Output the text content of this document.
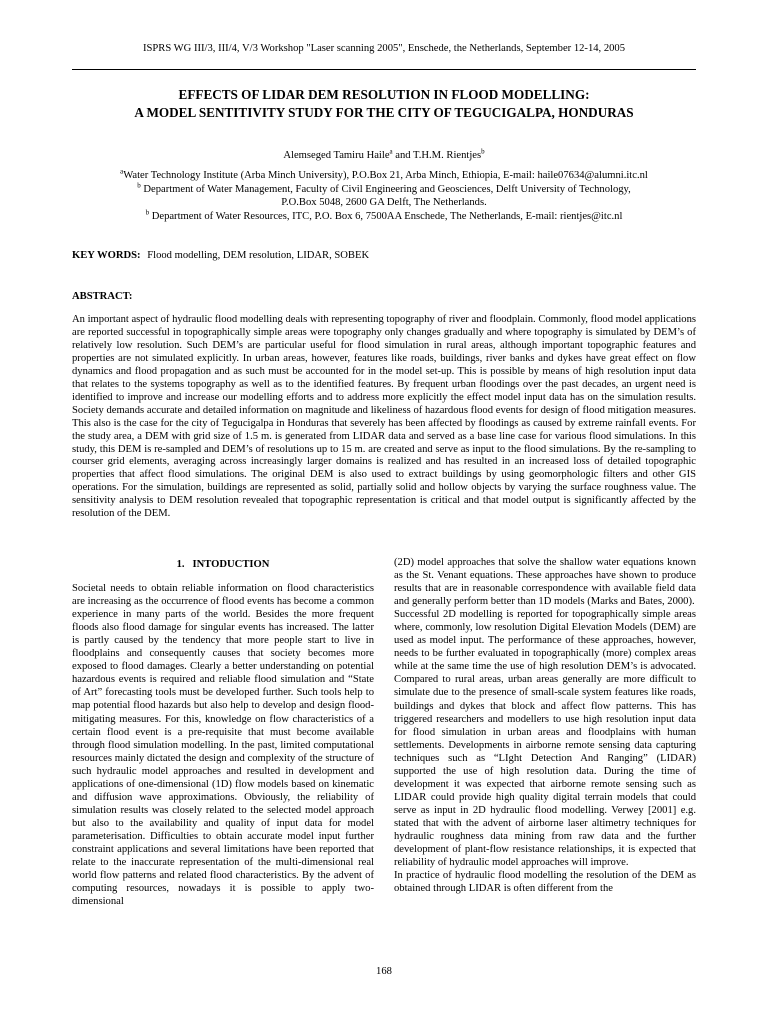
ISPRS WG III/3, III/4, V/3 Workshop "Laser scanning 2005", Enschede, the Netherlands, September 12-14, 2005
EFFECTS OF LIDAR DEM RESOLUTION IN FLOOD MODELLING:
A MODEL SENTITIVITY STUDY FOR THE CITY OF TEGUCIGALPA, HONDURAS
Alemseged Tamiru Haile$^a$ and T.H.M. Rientjes$^b$
$^a$Water Technology Institute (Arba Minch University), P.O.Box 21, Arba Minch, Ethiopia, E-mail: haile07634@alumni.itc.nl
$^b$ Department of Water Management, Faculty of Civil Engineering and Geosciences, Delft University of Technology,
P.O.Box 5048, 2600 GA Delft, The Netherlands.
$^b$ Department of Water Resources, ITC, P.O. Box 6, 7500AA Enschede, The Netherlands, E-mail: rientjes@itc.nl
KEY WORDS: Flood modelling, DEM resolution, LIDAR, SOBEK
ABSTRACT:
An important aspect of hydraulic flood modelling deals with representing topography of river and floodplain. Commonly, flood model applications are reported successful in topographically simple areas were topography only changes gradually and where topography is simulated by DEM’s of relatively low resolution. Such DEM’s are particular useful for flood simulation in rural areas, although important topographic features and properties are not simulated explicitly. In urban areas, however, features like roads, buildings, river banks and dykes have great effect on flow dynamics and flood propagation and as such must be accounted for in the model set-up. This is possible by means of high resolution input data that relates to the systems topography as well as to the identified features. By frequent urban floodings over the past decades, an urgent need is identified to improve and increase our modelling efforts and to address more explicitly the effect model input data has on the simulation results. Society demands accurate and detailed information on magnitude and likeliness of hazardous flood events for design of flood mitigation measures. This also is the case for the city of Tegucigalpa in Honduras that severely has been affected by floodings as caused by extreme rainfall events. For the study area, a DEM with grid size of 1.5 m. is generated from LIDAR data and served as a base line case for various flood simulations. In this study, this DEM is re-sampled and DEM’s of resolutions up to 15 m. are created and serve as input to the flood simulations. By the re-sampling to courser grid elements, averaging across increasingly larger domains is realized and has resulted in an increased loss of detailed topographic properties that affect flood simulations. The original DEM is also used to extract buildings by using geomorphologic filters and other GIS operations. For the simulation, buildings are represented as solid, partially solid and hollow objects by varying the surface roughness value. The sensitivity analysis to DEM resolution revealed that topographic representation is critical and that model output is significantly affected by the resolution of the DEM.
1.   INTODUCTION

Societal needs to obtain reliable information on flood characteristics are increasing as the occurrence of flood events has become a common experience in many parts of the world. Besides the more frequent floods also flood damage for singular events has increased. The latter is partly caused by the tendency that more people start to live in floodplains and consequently causes that society becomes more exposed to flood damages. Clearly a better understanding on potential hazardous events is required and reliable flood simulation and “State of Art” forecasting tools must be developed further. Such tools help to map potential flood hazards but also help to develop and design flood-mitigating measures. For this, knowledge on flow characteristics of a certain flood event is a pre-requisite that must become available through flood simulation modelling. In the past, limited computational resources mainly dictated the design and complexity of the structure of such hydraulic model approaches and resulted in development and applications of one-dimensional (1D) flow models based on kinematic and diffusion wave approximations. Obviously, the reliability of simulation results was closely related to the selected model approach but also to the availability and quality of input data for model parameterisation. Difficulties to obtain accurate model input further constraint applications and several limitations have been reported that relate to the inaccurate representation of the multi-dimensional real world flow patterns and related flood characteristics. By the advent of computing resources, nowadays it is possible to apply two-dimensional

(2D) model approaches that solve the shallow water equations known as the St. Venant equations. These approaches have shown to produce results that are in reasonable correspondence with available field data and generally perform better than 1D models (Marks and Bates, 2000).

Successful 2D modelling is reported for topographically simple areas where, commonly, low resolution Digital Elevation Models (DEM) are used as model input. The performance of these approaches, however, needs to be further evaluated in topographically (more) complex areas while at the same time the use of high resolution DEM’s is advocated. Compared to rural areas, urban areas generally are more difficult to simulate due to the presence of small-scale system features like roads, buildings and dykes that block and affect flow patterns. This has triggered researchers and modellers to use high resolution input data for flood simulation in urban areas and floodplains with human settlements. Developments in airborne remote sensing data capturing techniques such as “LIght Detection And Ranging” (LIDAR) supported the use of high resolution data. During the time of development it was expected that airborne remote sensing such as LIDAR could provide high quality digital terrain models that could serve as input in 2D hydraulic flood modelling. Verwey [2001] e.g. stated that with the advent of airborne laser altimetry techniques for hydraulic roughness data mining from raw data and the further development of plant-flow resistance relationships, it is expected that reliability of hydraulic model approaches will improve.

In practice of hydraulic flood modelling the resolution of the DEM as obtained through LIDAR is often different from the

168
